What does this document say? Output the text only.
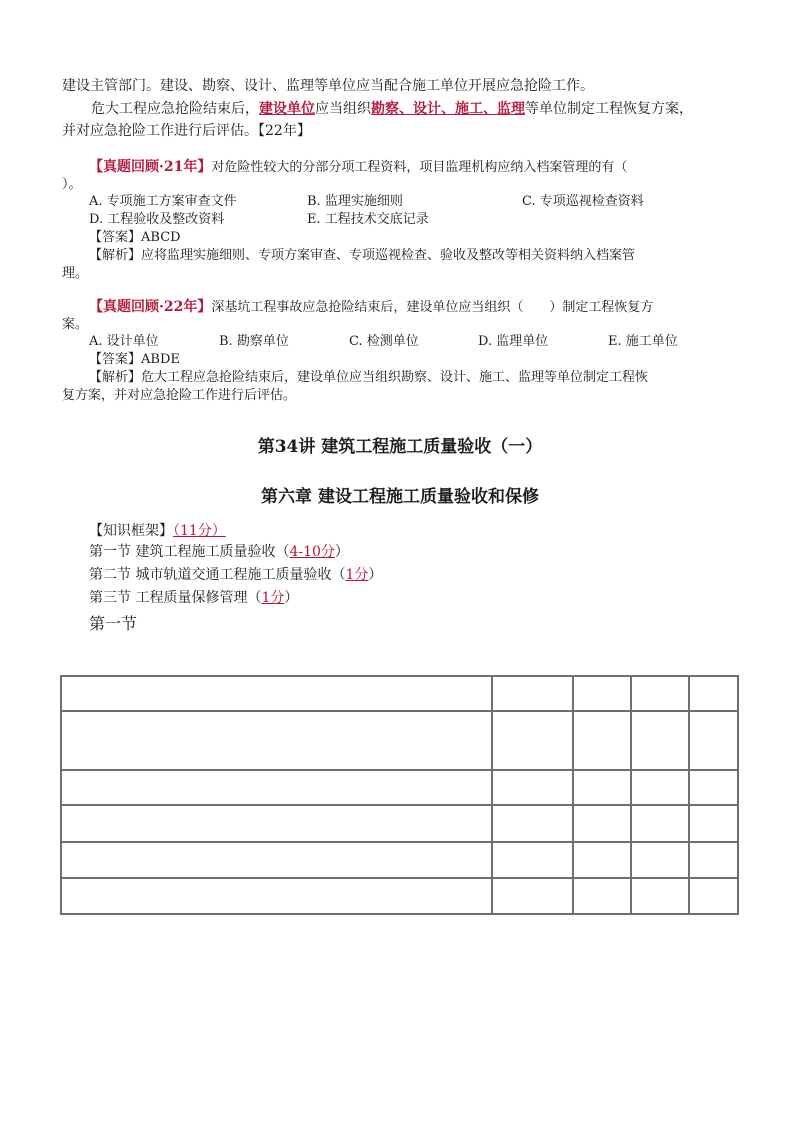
建设主管部门。建设、勘察、设计、监理等单位应当配合施工单位开展应急抢险工作。
危大工程应急抢险结束后，建设单位应当组织勘察、设计、施工、监理等单位制定工程恢复方案，
并对应急抢险工作进行后评估。【22年】
【真题回顾·21年】对危险性较大的分部分项工程资料，项目监理机构应纳入档案管理的有（
）。
A. 专项施工方案审查文件	B. 监理实施细则	C. 专项巡视检查资料
D. 工程验收及整改资料	E. 工程技术交底记录
【答案】ABCD
【解析】应将监理实施细则、专项方案审查、专项巡视检查、验收及整改等相关资料纳入档案管
理。
【真题回顾·22年】深基坑工程事故应急抢险结束后，建设单位应当组织（　　）制定工程恢复方
案。
A. 设计单位	B. 勘察单位	C. 检测单位	D. 监理单位	E. 施工单位
【答案】ABDE
【解析】危大工程应急抢险结束后，建设单位应当组织勘察、设计、施工、监理等单位制定工程恢
复方案，并对应急抢险工作进行后评估。
第34讲 建筑工程施工质量验收（一）
第六章 建设工程施工质量验收和保修
【知识框架】（11分）
第一节 建筑工程施工质量验收（4-10分）
第二节 城市轨道交通工程施工质量验收（1分）
第三节 工程质量保修管理（1分）
第一节
